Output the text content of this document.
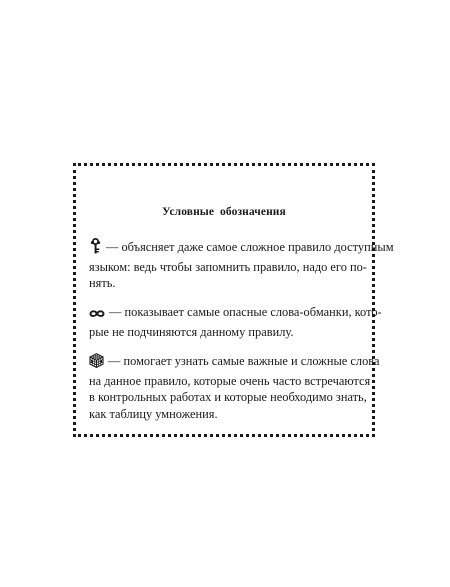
Условные обозначения
— объясняет даже самое сложное правило доступным
языком: ведь чтобы запомнить правило, надо его по-
нять.
— показывает самые опасные слова-обманки, кото-
рые не подчиняются данному правилу.
— помогает узнать самые важные и сложные слова
на данное правило, которые очень часто встречаются
в контрольных работах и которые необходимо знать,
как таблицу умножения.
